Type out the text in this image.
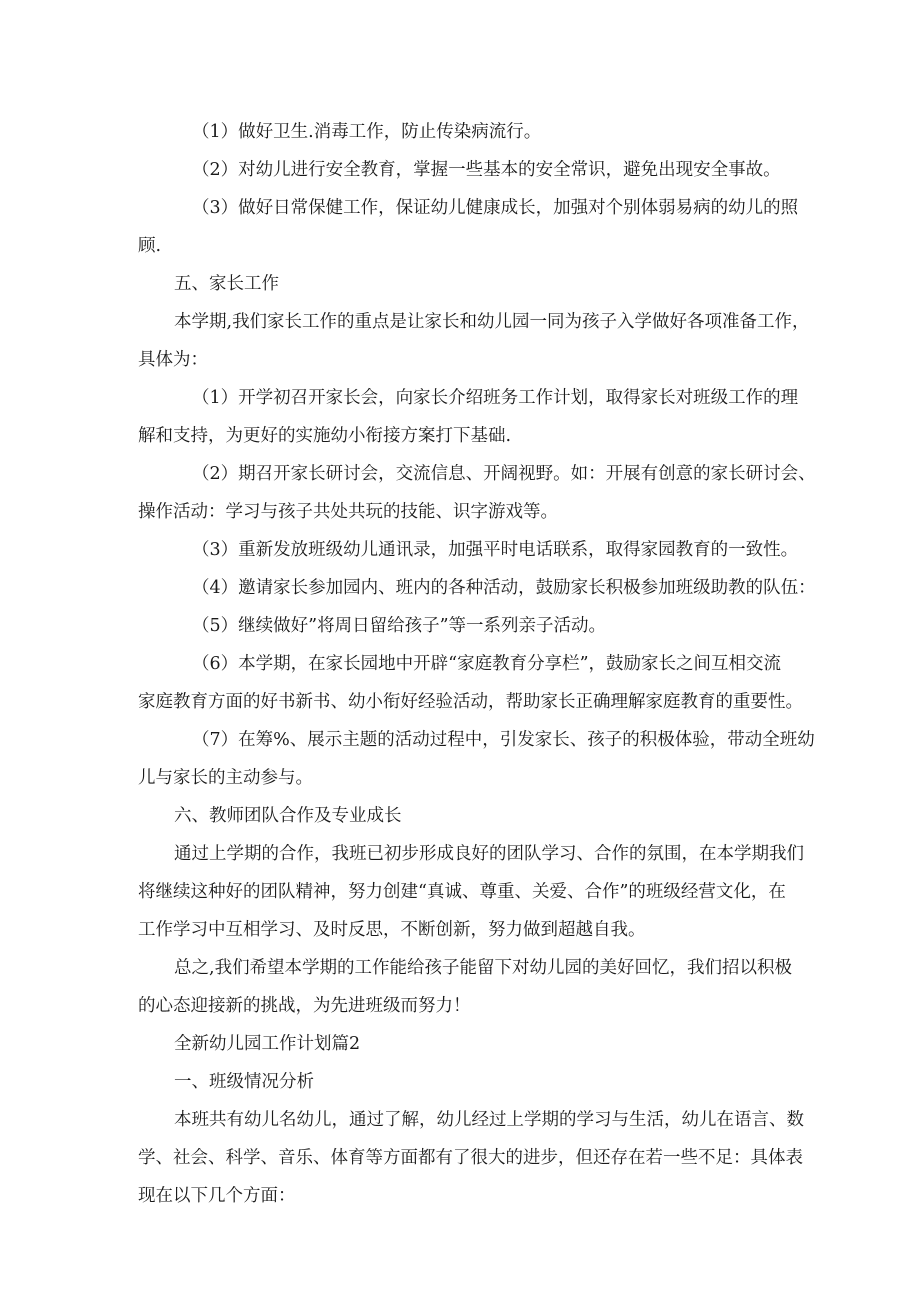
（1）做好卫生.消毒工作，防止传染病流行。
（2）对幼儿进行安全教育，掌握一些基本的安全常识，避免出现安全事故。
（3）做好日常保健工作，保证幼儿健康成长，加强对个别体弱易病的幼儿的照
顾.
五、家长工作
本学期,我们家长工作的重点是让家长和幼儿园一同为孩子入学做好各项准备工作，
具体为：
（1）开学初召开家长会，向家长介绍班务工作计划，取得家长对班级工作的理
解和支持，为更好的实施幼小衔接方案打下基础.
（2）期召开家长研讨会，交流信息、开阔视野。如：开展有创意的家长研讨会、
操作活动：学习与孩子共处共玩的技能、识字游戏等。
（3）重新发放班级幼儿通讯录，加强平时电话联系，取得家园教育的一致性。
（4）邀请家长参加园内、班内的各种活动，鼓励家长积极参加班级助教的队伍：
（5）继续做好”将周日留给孩子”等一系列亲子活动。
（6）本学期，在家长园地中开辟“家庭教育分享栏”，鼓励家长之间互相交流
家庭教育方面的好书新书、幼小衔好经验活动，帮助家长正确理解家庭教育的重要性。
（7）在筹%、展示主题的活动过程中，引发家长、孩子的积极体验，带动全班幼
儿与家长的主动参与。
六、教师团队合作及专业成长
通过上学期的合作，我班已初步形成良好的团队学习、合作的氛围，在本学期我们
将继续这种好的团队精神，努力创建“真诚、尊重、关爱、合作”的班级经营文化，在
工作学习中互相学习、及时反思，不断创新，努力做到超越自我。
总之,我们希望本学期的工作能给孩子能留下对幼儿园的美好回忆，我们招以积极
的心态迎接新的挑战，为先进班级而努力！
全新幼儿园工作计划篇2
一、班级情况分析
本班共有幼儿名幼儿，通过了解，幼儿经过上学期的学习与生活，幼儿在语言、数
学、社会、科学、音乐、体育等方面都有了很大的进步，但还存在若一些不足：具体表
现在以下几个方面：
